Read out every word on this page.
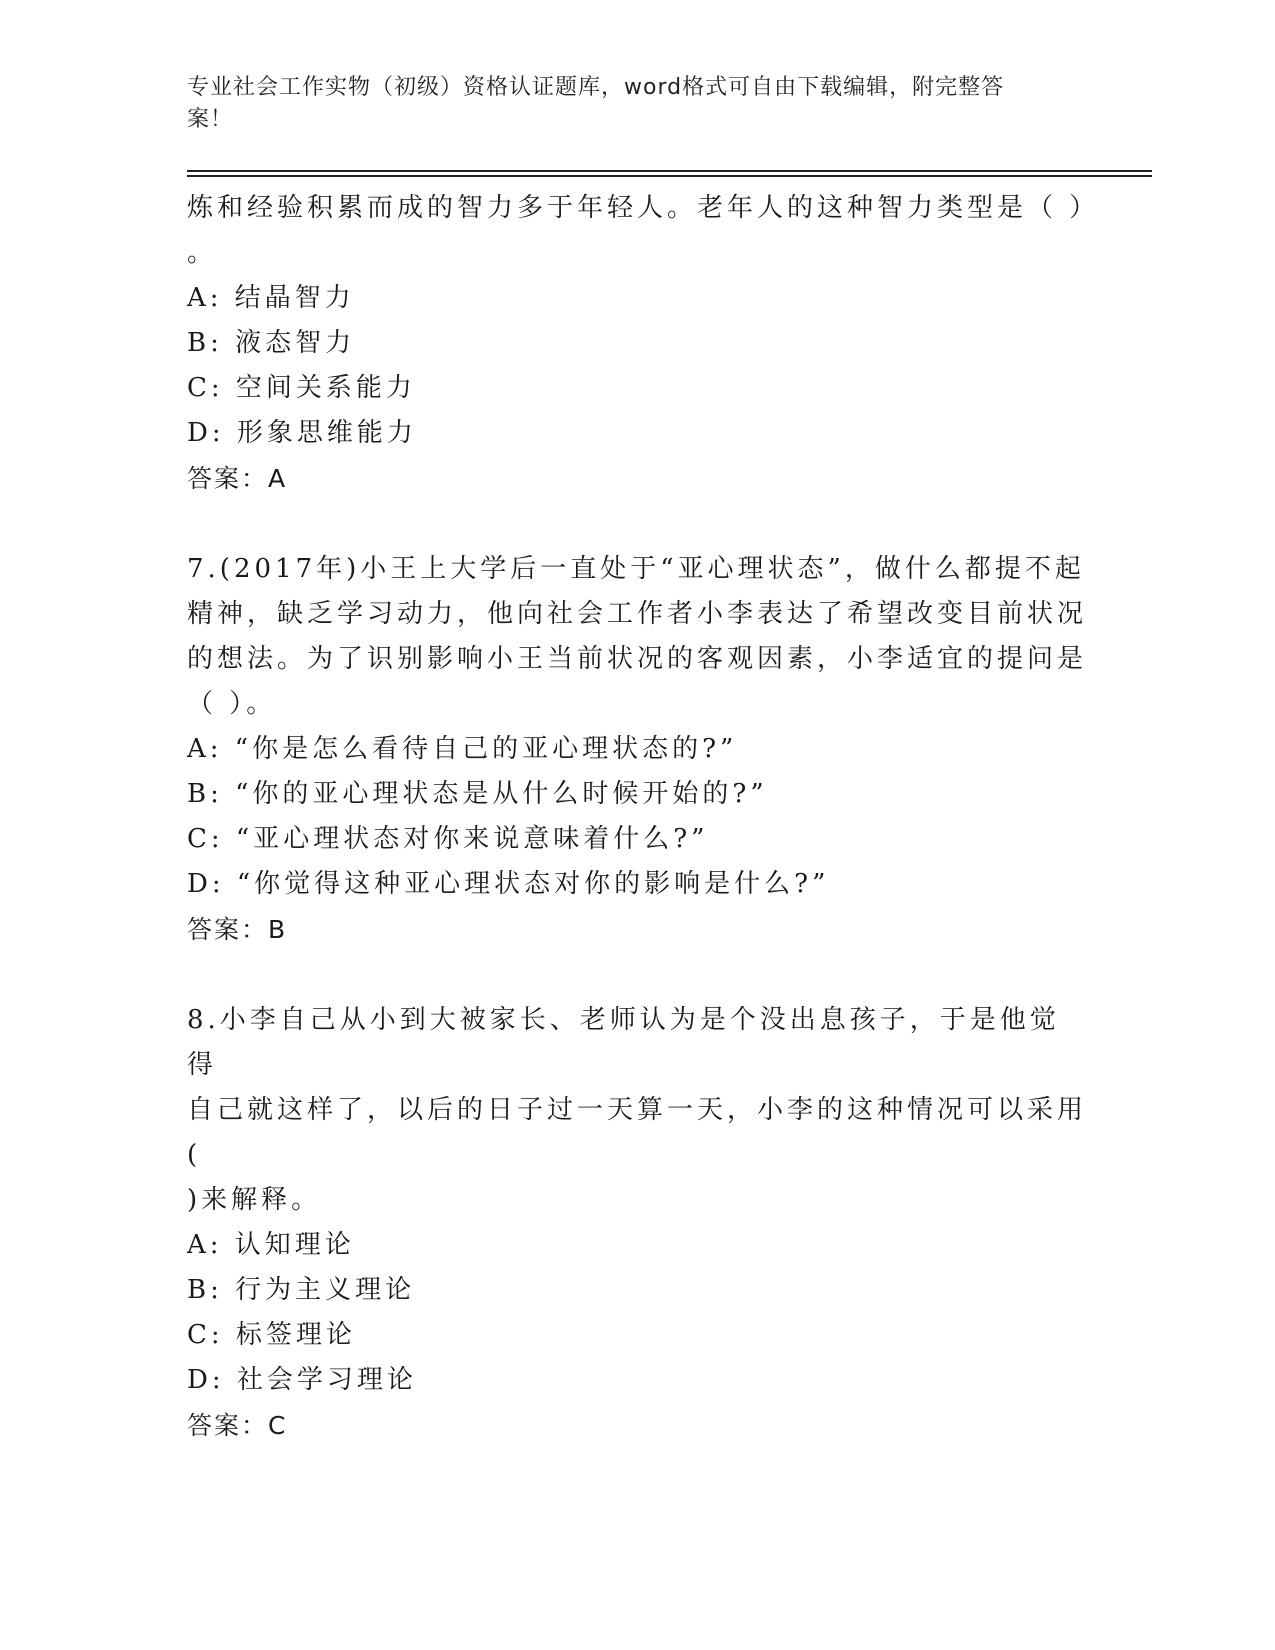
专业社会工作实物（初级）资格认证题库，word格式可自由下载编辑，附完整答
案！
炼和经验积累而成的智力多于年轻人。老年人的这种智力类型是（ ）
。
A: 结晶智力
B: 液态智力
C: 空间关系能力
D: 形象思维能力
答案：A
7.(2017年)小王上大学后一直处于“亚心理状态”，做什么都提不起
精神，缺乏学习动力，他向社会工作者小李表达了希望改变目前状况
的想法。为了识别影响小王当前状况的客观因素，小李适宜的提问是
（ ）。
A: “你是怎么看待自己的亚心理状态的?”
B: “你的亚心理状态是从什么时候开始的?”
C: “亚心理状态对你来说意味着什么?”
D: “你觉得这种亚心理状态对你的影响是什么?”
答案：B
8.小李自己从小到大被家长、老师认为是个没出息孩子，于是他觉得
自己就这样了，以后的日子过一天算一天，小李的这种情况可以采用(
)来解释。
A: 认知理论
B: 行为主义理论
C: 标签理论
D: 社会学习理论
答案：C
